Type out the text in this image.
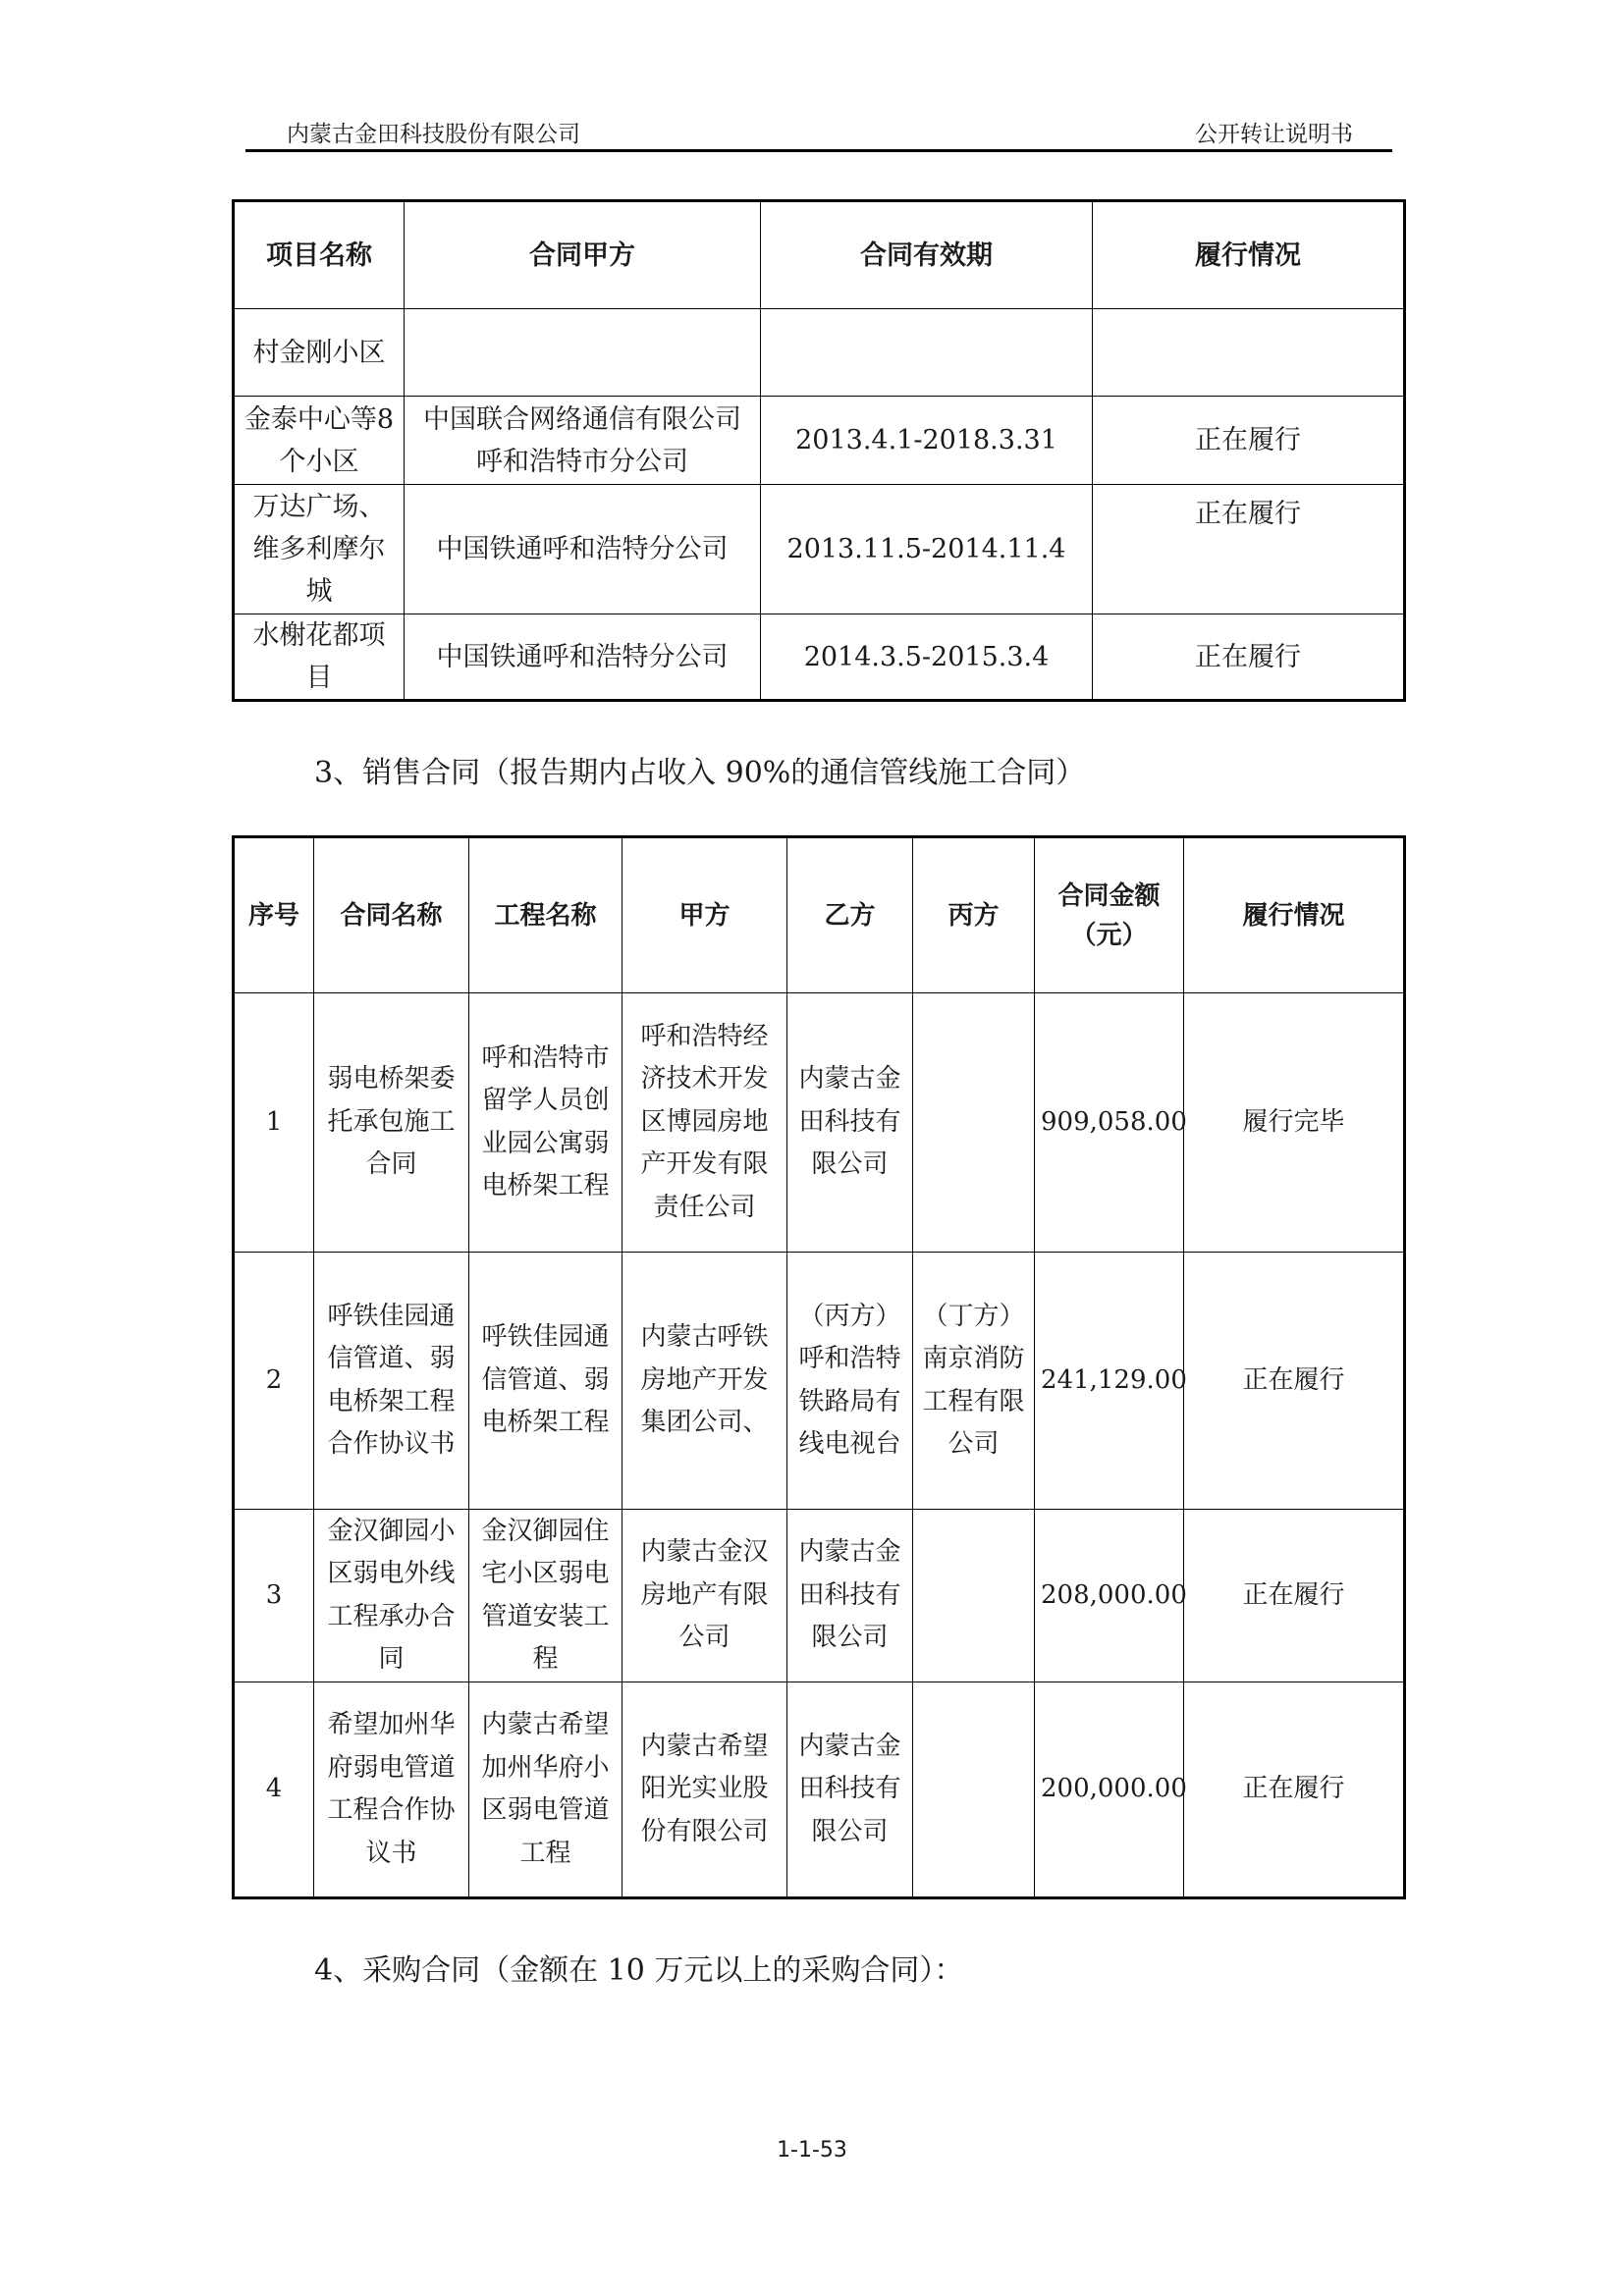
内蒙古金田科技股份有限公司	公开转让说明书
项目名称	合同甲方	合同有效期	履行情况
村金刚小区			
金泰中心等8个小区	中国联合网络通信有限公司呼和浩特市分公司	2013.4.1-2018.3.31	正在履行
万达广场、维多利摩尔城	中国铁通呼和浩特分公司	2013.11.5-2014.11.4	正在履行
水榭花都项目	中国铁通呼和浩特分公司	2014.3.5-2015.3.4	正在履行
3、销售合同（报告期内占收入 90%的通信管线施工合同）
序号	合同名称	工程名称	甲方	乙方	丙方	合同金额（元）	履行情况
1	弱电桥架委托承包施工合同	呼和浩特市留学人员创业园公寓弱电桥架工程	呼和浩特经济技术开发区博园房地产开发有限责任公司	内蒙古金田科技有限公司		909,058.00	履行完毕
2	呼铁佳园通信管道、弱电桥架工程合作协议书	呼铁佳园通信管道、弱电桥架工程	内蒙古呼铁房地产开发集团公司、	（丙方）呼和浩特铁路局有线电视台	（丁方）南京消防工程有限公司	241,129.00	正在履行
3	金汉御园小区弱电外线工程承办合同	金汉御园住宅小区弱电管道安装工程	内蒙古金汉房地产有限公司	内蒙古金田科技有限公司		208,000.00	正在履行
4	希望加州华府弱电管道工程合作协议书	内蒙古希望加州华府小区弱电管道工程	内蒙古希望阳光实业股份有限公司	内蒙古金田科技有限公司		200,000.00	正在履行
4、采购合同（金额在 10 万元以上的采购合同）：
1-1-53
